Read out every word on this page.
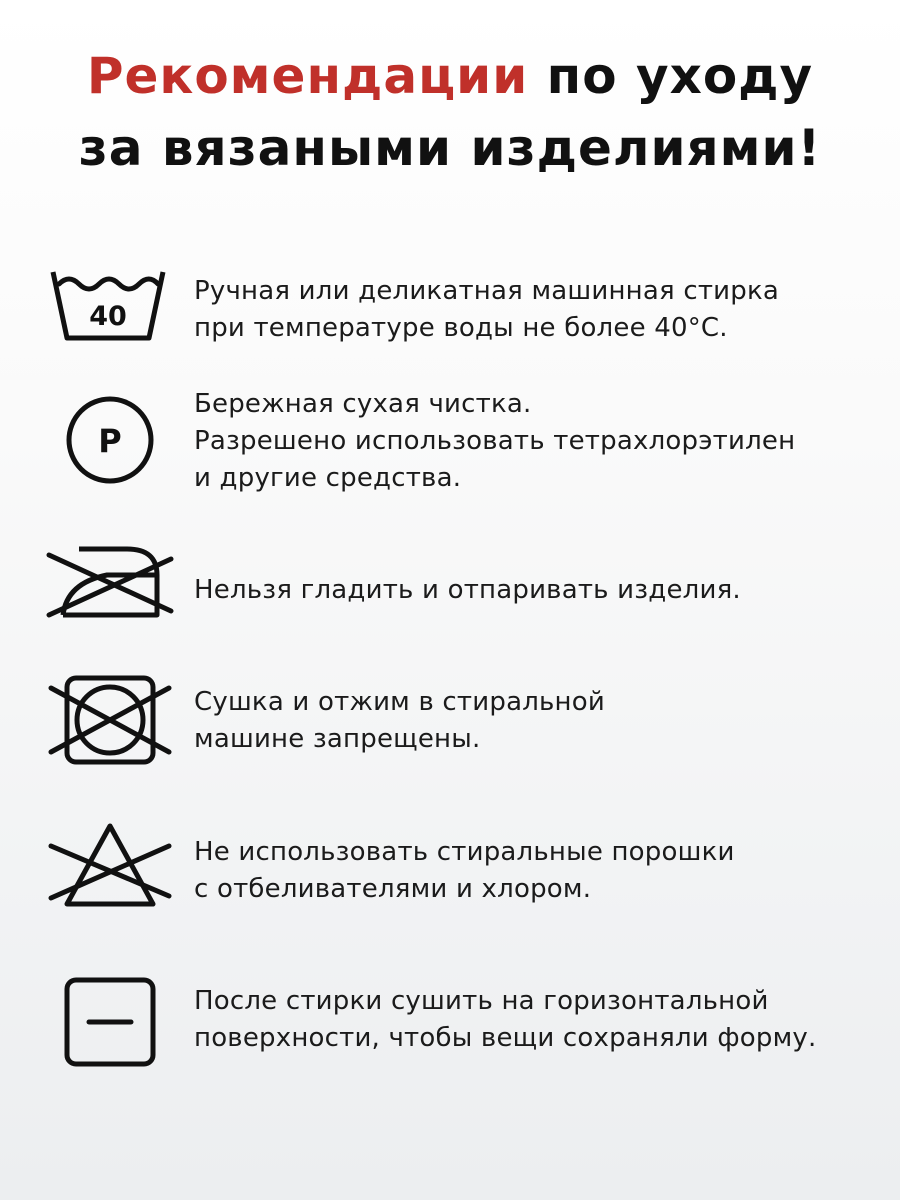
Рекомендации по уходу
за вязаными изделиями!
40
Ручная или деликатная машинная стирка
при температуре воды не более 40°С.
P
Бережная сухая чистка.
Разрешено использовать тетрахлорэтилен
и другие средства.
Нельзя гладить и отпаривать изделия.
Сушка и отжим в стиральной
машине запрещены.
Не использовать стиральные порошки
с отбеливателями и хлором.
После стирки сушить на горизонтальной
поверхности, чтобы вещи сохраняли форму.
